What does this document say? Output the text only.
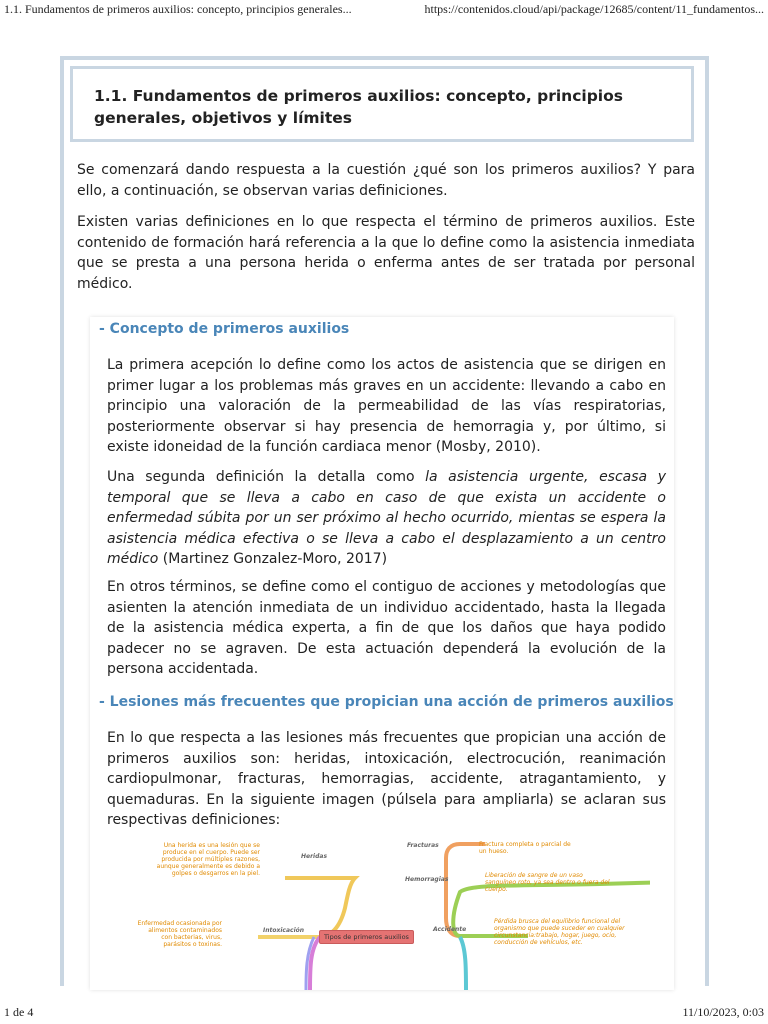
1.1. Fundamentos de primeros auxilios: concepto, principios generales...	https://contenidos.cloud/api/package/12685/content/11_fundamentos...
1.1. Fundamentos de primeros auxilios: concepto, principios generales, objetivos y límites

Se comenzará dando respuesta a la cuestión ¿qué son los primeros auxilios? Y para ello, a continuación, se observan varias definiciones.

Existen varias definiciones en lo que respecta el término de primeros auxilios. Este contenido de formación hará referencia a la que lo define como la asistencia inmediata que se presta a una persona herida o enferma antes de ser tratada por personal médico.

- Concepto de primeros auxilios

La primera acepción lo define como los actos de asistencia que se dirigen en primer lugar a los problemas más graves en un accidente: llevando a cabo en principio una valoración de la permeabilidad de las vías respiratorias, posteriormente observar si hay presencia de hemorragia y, por último, si existe idoneidad de la función cardiaca menor (Mosby, 2010).

Una segunda definición la detalla como la asistencia urgente, escasa y temporal que se lleva a cabo en caso de que exista un accidente o enfermedad súbita por un ser próximo al hecho ocurrido, mientas se espera la asistencia médica efectiva o se lleva a cabo el desplazamiento a un centro médico (Martinez Gonzalez-Moro, 2017)

En otros términos, se define como el contiguo de acciones y metodologías que asienten la atención inmediata de un individuo accidentado, hasta la llegada de la asistencia médica experta, a fin de que los daños que haya podido padecer no se agraven. De esta actuación dependerá la evolución de la persona accidentada.

- Lesiones más frecuentes que propician una acción de primeros auxilios

En lo que respecta a las lesiones más frecuentes que propician una acción de primeros auxilios son: heridas, intoxicación, electrocución, reanimación cardiopulmonar, fracturas, hemorragias, accidente, atragantamiento, y quemaduras. En la siguiente imagen (púlsela para ampliarla) se aclaran sus respectivas definiciones:

Tipos de primeros auxilios
Heridas
Intoxicación
Fracturas
Hemorragias
Accidente
Una herida es una lesión que se produce en el cuerpo. Puede ser producida por múltiples razones, aunque generalmente es debido a golpes o desgarros en la piel.
Enfermedad ocasionada por alimentos contaminados con bacterias, virus, parásitos o toxinas.
Fractura completa o parcial de un hueso.
Liberación de sangre de un vaso sanguíneo roto, ya sea dentro o fuera del cuerpo.
Pérdida brusca del equilibrio funcional del organismo que puede suceder en cualquier circunstancia:trabajo, hogar, juego, ocio, conducción de vehículos, etc.
1 de 4	11/10/2023, 0:03
